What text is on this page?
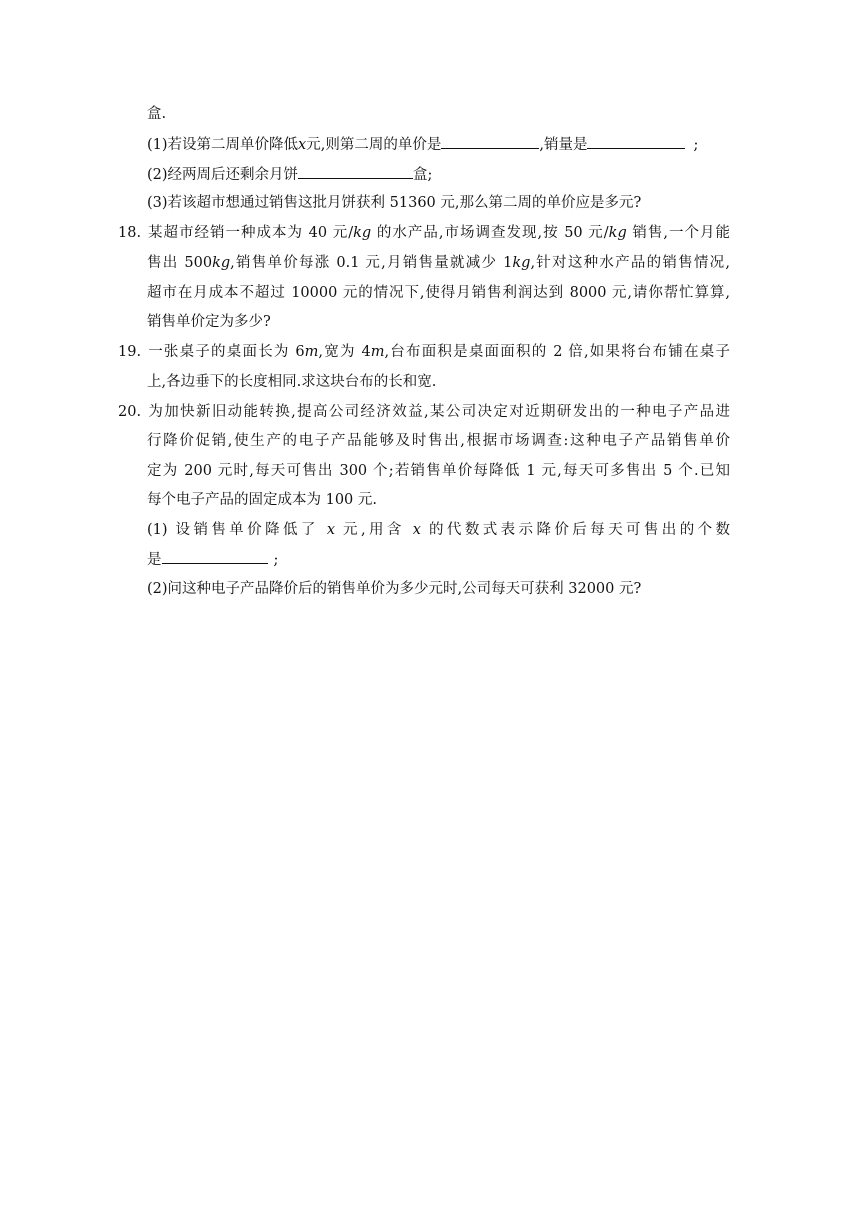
盒.
(1)若设第二周单价降低x元,则第二周的单价是	,销量是	;
(2)经两周后还剩余月饼	盒;
(3)若该超市想通过销售这批月饼获利 51360 元,那么第二周的单价应是多元?
18. 某超市经销一种成本为 40 元/kg 的水产品,市场调查发现,按 50 元/kg 销售,一个月能
售出 500kg,销售单价每涨 0.1 元,月销售量就减少 1kg,针对这种水产品的销售情况,
超市在月成本不超过 10000 元的情况下,使得月销售利润达到 8000 元,请你帮忙算算,
销售单价定为多少?
19. 一张桌子的桌面长为 6m,宽为 4m,台布面积是桌面面积的 2 倍,如果将台布铺在桌子
上,各边垂下的长度相同.求这块台布的长和宽.
20. 为加快新旧动能转换,提高公司经济效益,某公司决定对近期研发出的一种电子产品进
行降价促销,使生产的电子产品能够及时售出,根据市场调查:这种电子产品销售单价
定为 200 元时,每天可售出 300 个;若销售单价每降低 1 元,每天可多售出 5 个.已知
每个电子产品的固定成本为 100 元.
(1) 设销售单价降低了 x 元,用含 x 的代数式表示降价后每天可售出的个数
是	;
(2)问这种电子产品降价后的销售单价为多少元时,公司每天可获利 32000 元?
